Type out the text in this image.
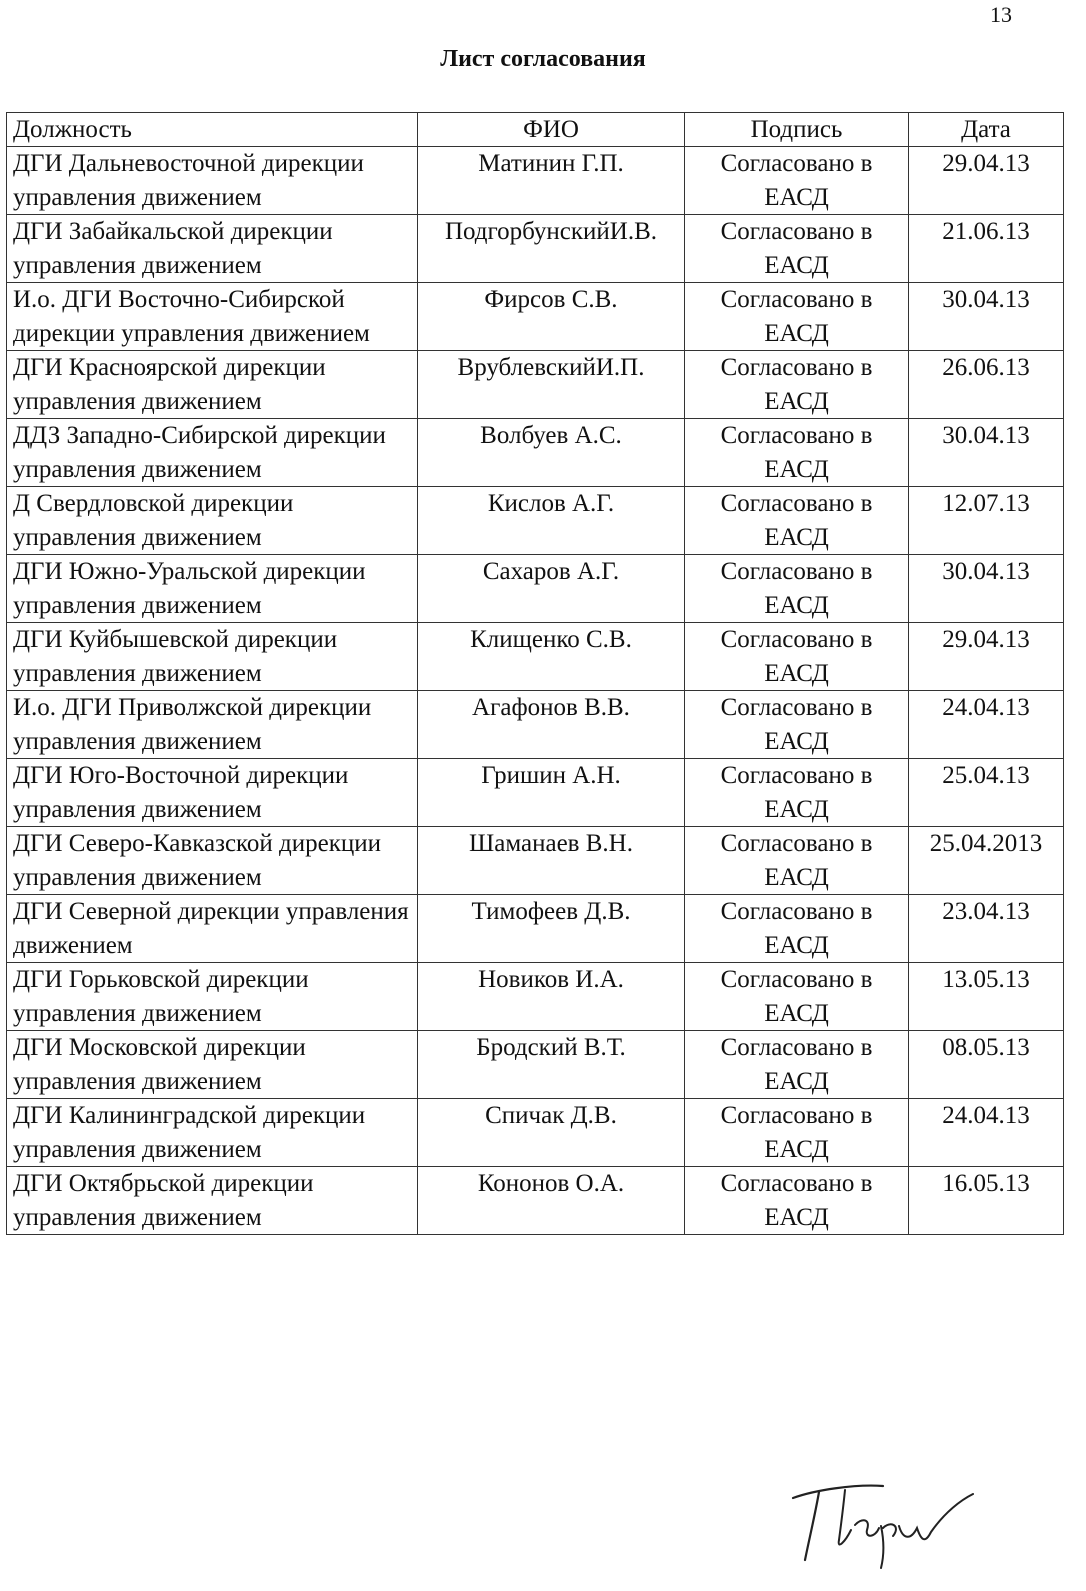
13
Лист согласования
Должность	ФИО	Подпись	Дата
ДГИ Дальневосточной дирекции управления движением	Матинин Г.П.	Согласовано в ЕАСД	29.04.13
ДГИ Забайкальской дирекции управления движением	ПодгорбунскийИ.В.	Согласовано в ЕАСД	21.06.13
И.о. ДГИ Восточно-Сибирской дирекции управления движением	Фирсов С.В.	Согласовано в ЕАСД	30.04.13
ДГИ Красноярской дирекции управления движением	ВрублевскийИ.П.	Согласовано в ЕАСД	26.06.13
ДДЗ Западно-Сибирской дирекции управления движением	Волбуев А.С.	Согласовано в ЕАСД	30.04.13
Д Свердловской дирекции управления движением	Кислов А.Г.	Согласовано в ЕАСД	12.07.13
ДГИ Южно-Уральской дирекции управления движением	Сахаров А.Г.	Согласовано в ЕАСД	30.04.13
ДГИ Куйбышевской дирекции управления движением	Клищенко С.В.	Согласовано в ЕАСД	29.04.13
И.о. ДГИ Приволжской дирекции управления движением	Агафонов В.В.	Согласовано в ЕАСД	24.04.13
ДГИ Юго-Восточной дирекции управления движением	Гришин А.Н.	Согласовано в ЕАСД	25.04.13
ДГИ Северо-Кавказской дирекции управления движением	Шаманаев В.Н.	Согласовано в ЕАСД	25.04.2013
ДГИ Северной дирекции управления движением	Тимофеев Д.В.	Согласовано в ЕАСД	23.04.13
ДГИ Горьковской дирекции управления движением	Новиков И.А.	Согласовано в ЕАСД	13.05.13
ДГИ Московской дирекции управления движением	Бродский В.Т.	Согласовано в ЕАСД	08.05.13
ДГИ Калининградской дирекции управления движением	Спичак Д.В.	Согласовано в ЕАСД	24.04.13
ДГИ Октябрьской дирекции управления движением	Кононов О.А.	Согласовано в ЕАСД	16.05.13
